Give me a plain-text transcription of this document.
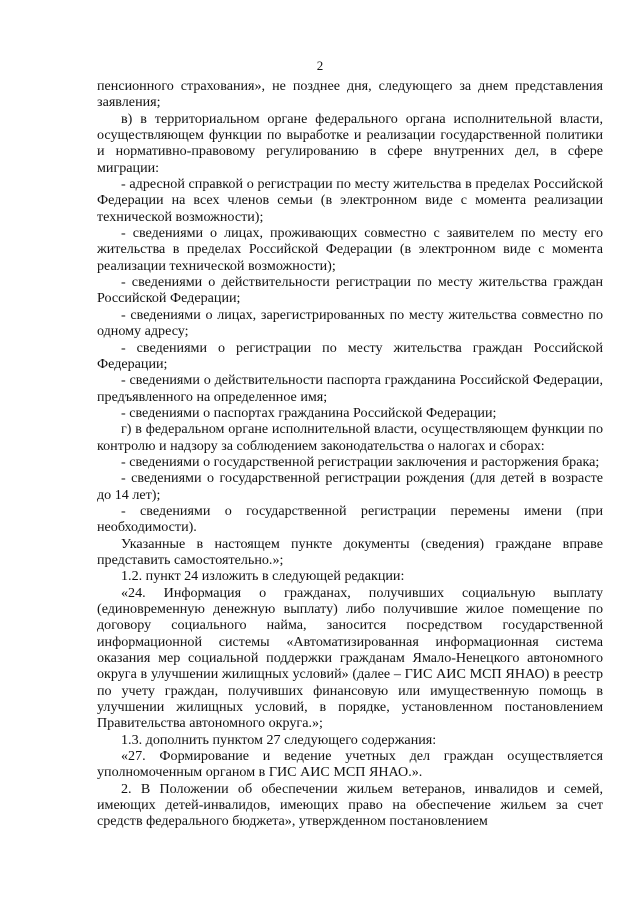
2

пенсионного страхования», не позднее дня, следующего за днем представления заявления;

в) в территориальном органе федерального органа исполнительной власти, осуществляющем функции по выработке и реализации государственной политики и нормативно-правовому регулированию в сфере внутренних дел, в сфере миграции:

- адресной справкой о регистрации по месту жительства в пределах Российской Федерации на всех членов семьи (в электронном виде с момента реализации технической возможности);

- сведениями о лицах, проживающих совместно с заявителем по месту его жительства в пределах Российской Федерации (в электронном виде с момента реализации технической возможности);

- сведениями о действительности регистрации по месту жительства граждан Российской Федерации;

- сведениями о лицах, зарегистрированных по месту жительства совместно по одному адресу;

- сведениями о регистрации по месту жительства граждан Российской Федерации;

- сведениями о действительности паспорта гражданина Российской Федерации, предъявленного на определенное имя;

- сведениями о паспортах гражданина Российской Федерации;

г) в федеральном органе исполнительной власти, осуществляющем функции по контролю и надзору за соблюдением законодательства о налогах и сборах:

- сведениями о государственной регистрации заключения и расторжения брака;

- сведениями о государственной регистрации рождения (для детей в возрасте до 14 лет);

- сведениями о государственной регистрации перемены имени (при необходимости).

Указанные в настоящем пункте документы (сведения) граждане вправе представить самостоятельно.»;

1.2. пункт 24 изложить в следующей редакции:

«24. Информация о гражданах, получивших социальную выплату (единовременную денежную выплату) либо получившие жилое помещение по договору социального найма, заносится посредством государственной информационной системы «Автоматизированная информационная система оказания мер социальной поддержки гражданам Ямало-Ненецкого автономного округа в улучшении жилищных условий» (далее – ГИС АИС МСП ЯНАО) в реестр по учету граждан, получивших финансовую или имущественную помощь в улучшении жилищных условий, в порядке, установленном постановлением Правительства автономного округа.»;

1.3. дополнить пунктом 27 следующего содержания:

«27. Формирование и ведение учетных дел граждан осуществляется уполномоченным органом в ГИС АИС МСП ЯНАО.».

2. В Положении об обеспечении жильем ветеранов, инвалидов и семей, имеющих детей-инвалидов, имеющих право на обеспечение жильем за счет средств федерального бюджета», утвержденном постановлением
